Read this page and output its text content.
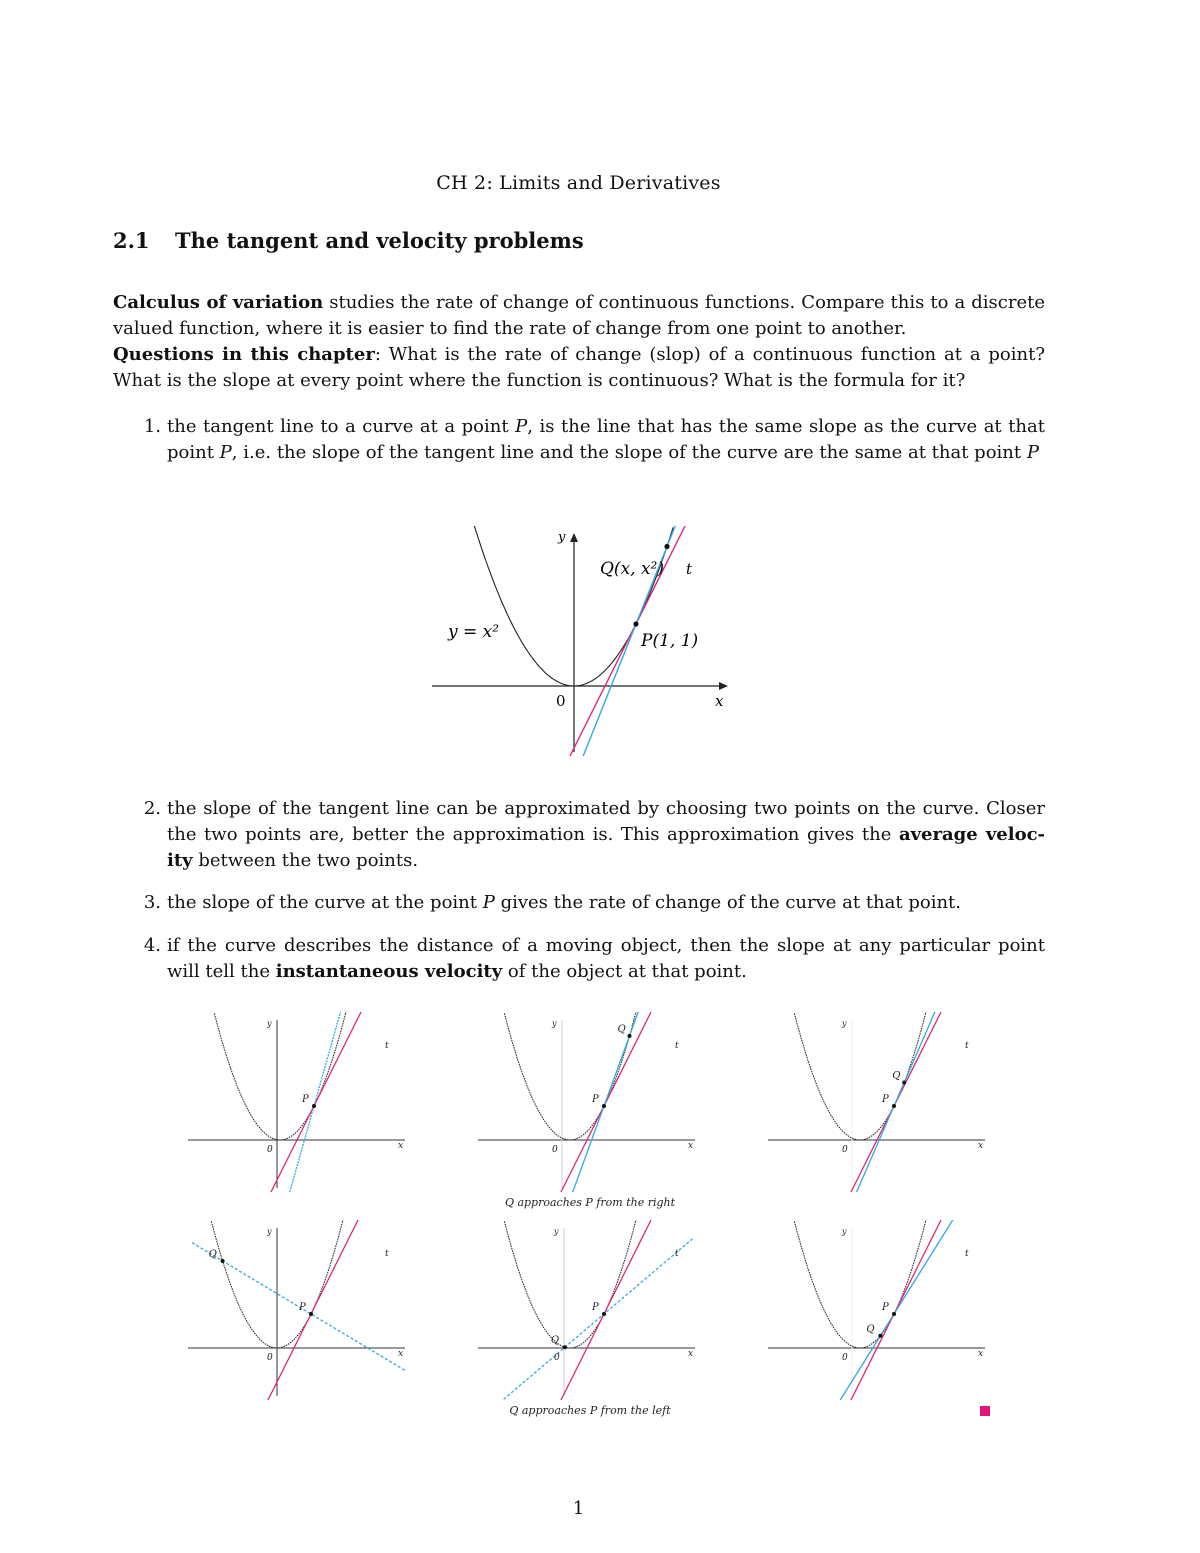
CH 2: Limits and Derivatives
2.1 The tangent and velocity problems
Calculus of variation studies the rate of change of continuous functions. Compare this to a discrete valued function, where it is easier to find the rate of change from one point to another.
Questions in this chapter: What is the rate of change (slop) of a continuous function at a point? What is the slope at every point where the function is continuous? What is the formula for it?
1. the tangent line to a curve at a point P, is the line that has the same slope as the curve at that point P, i.e. the slope of the tangent line and the slope of the curve are the same at that point P
y = x²
Q(x, x²)
P(1, 1)
t
x
y
0
2. the slope of the tangent line can be approximated by choosing two points on the curve. Closer the two points are, better the approximation is. This approximation gives the average veloc-ity between the two points.
3. the slope of the curve at the point P gives the rate of change of the curve at that point.
4. if the curve describes the distance of a moving object, then the slope at any particular point will tell the instantaneous velocity of the object at that point.
P
t
x
y
0
P
Q
t
x
y
0
P
Q
t
x
y
0
Q approaches P from the right
P
Q	t
x
y
0
P
Q
t
x
y
0
P
Q
t
x
y
0
Q approaches P from the left
1
